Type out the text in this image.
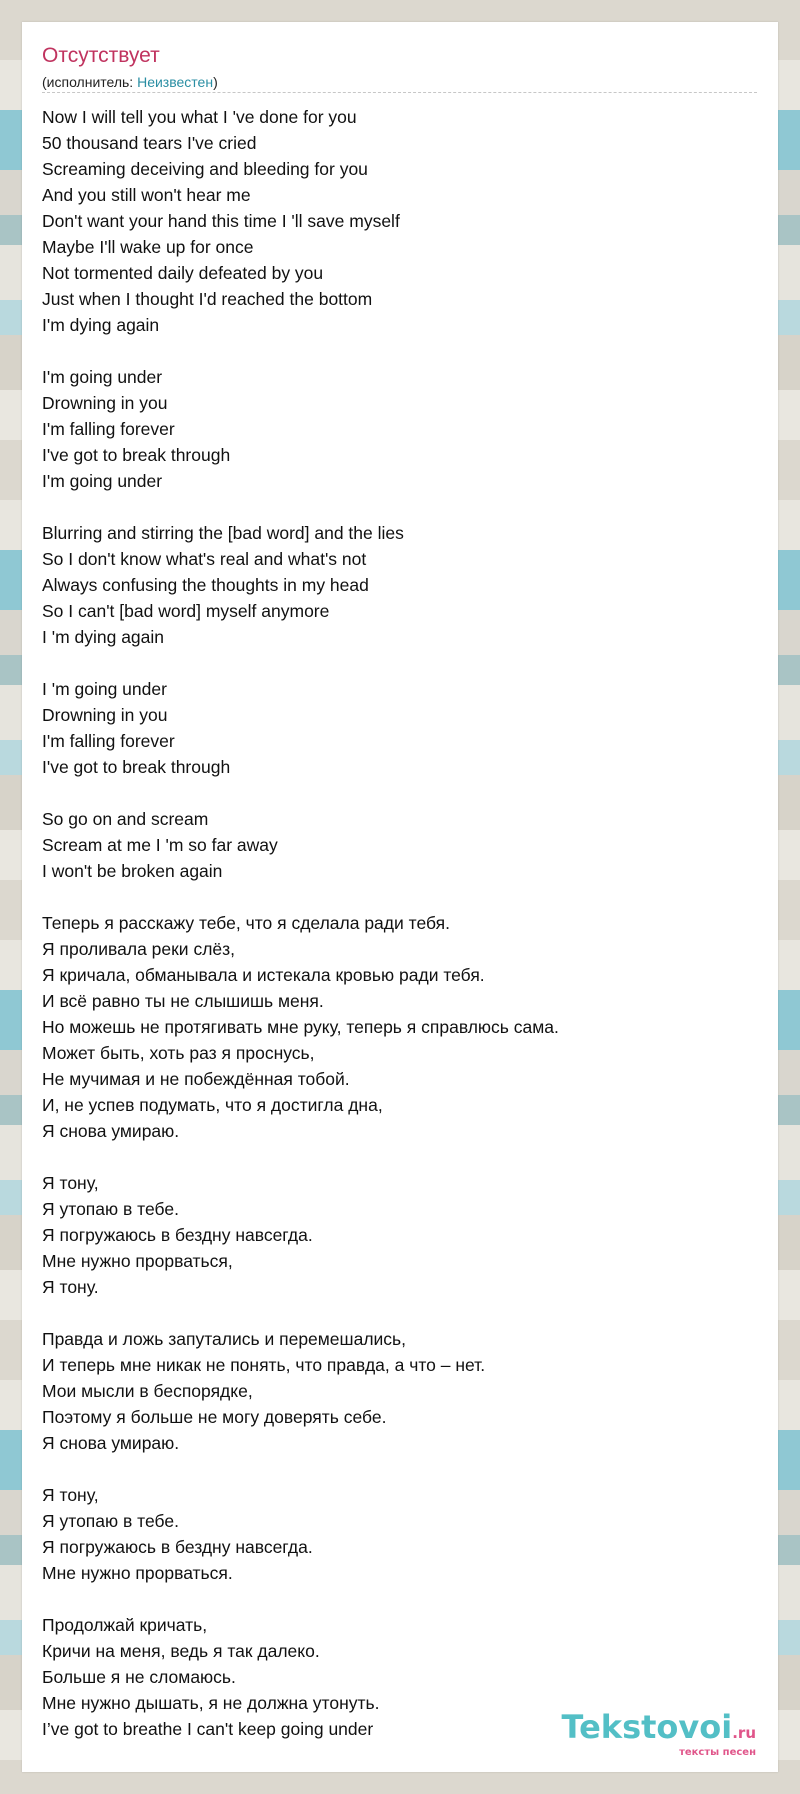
Отсутствует
(исполнитель: Неизвестен)
Now I will tell you what I 've done for you
50 thousand tears I've cried
Screaming deceiving and bleeding for you
And you still won't hear me
Don't want your hand this time I 'll save myself
Maybe I'll wake up for once
Not tormented daily defeated by you
Just when I thought I'd reached the bottom
I'm dying again
I'm going under
Drowning in you
I'm falling forever
I've got to break through
I'm going under
Blurring and stirring the [bad word] and the lies
So I don't know what's real and what's not
Always confusing the thoughts in my head
So I can't [bad word] myself anymore
I 'm dying again
I 'm going under
Drowning in you
I'm falling forever
I've got to break through
So go on and scream
Scream at me I 'm so far away
I won't be broken again
Теперь я расскажу тебе, что я сделала ради тебя.
Я проливала реки слёз,
Я кричала, обманывала и истекала кровью ради тебя.
И всё равно ты не слышишь меня.
Но можешь не протягивать мне руку, теперь я справлюсь сама.
Может быть, хоть раз я проснусь,
Не мучимая и не побеждённая тобой.
И, не успев подумать, что я достигла дна,
Я снова умираю.
Я тону,
Я утопаю в тебе.
Я погружаюсь в бездну навсегда.
Мне нужно прорваться,
Я тону.
Правда и ложь запутались и перемешались,
И теперь мне никак не понять, что правда, а что – нет.
Мои мысли в беспорядке,
Поэтому я больше не могу доверять себе.
Я снова умираю.
Я тону,
Я утопаю в тебе.
Я погружаюсь в бездну навсегда.
Мне нужно прорваться.
Продолжай кричать,
Кричи на меня, ведь я так далеко.
Больше я не сломаюсь.
Мне нужно дышать, я не должна утонуть.
I’ve got to breathe I can't keep going under	Tekstovoi.ru
тексты песен
